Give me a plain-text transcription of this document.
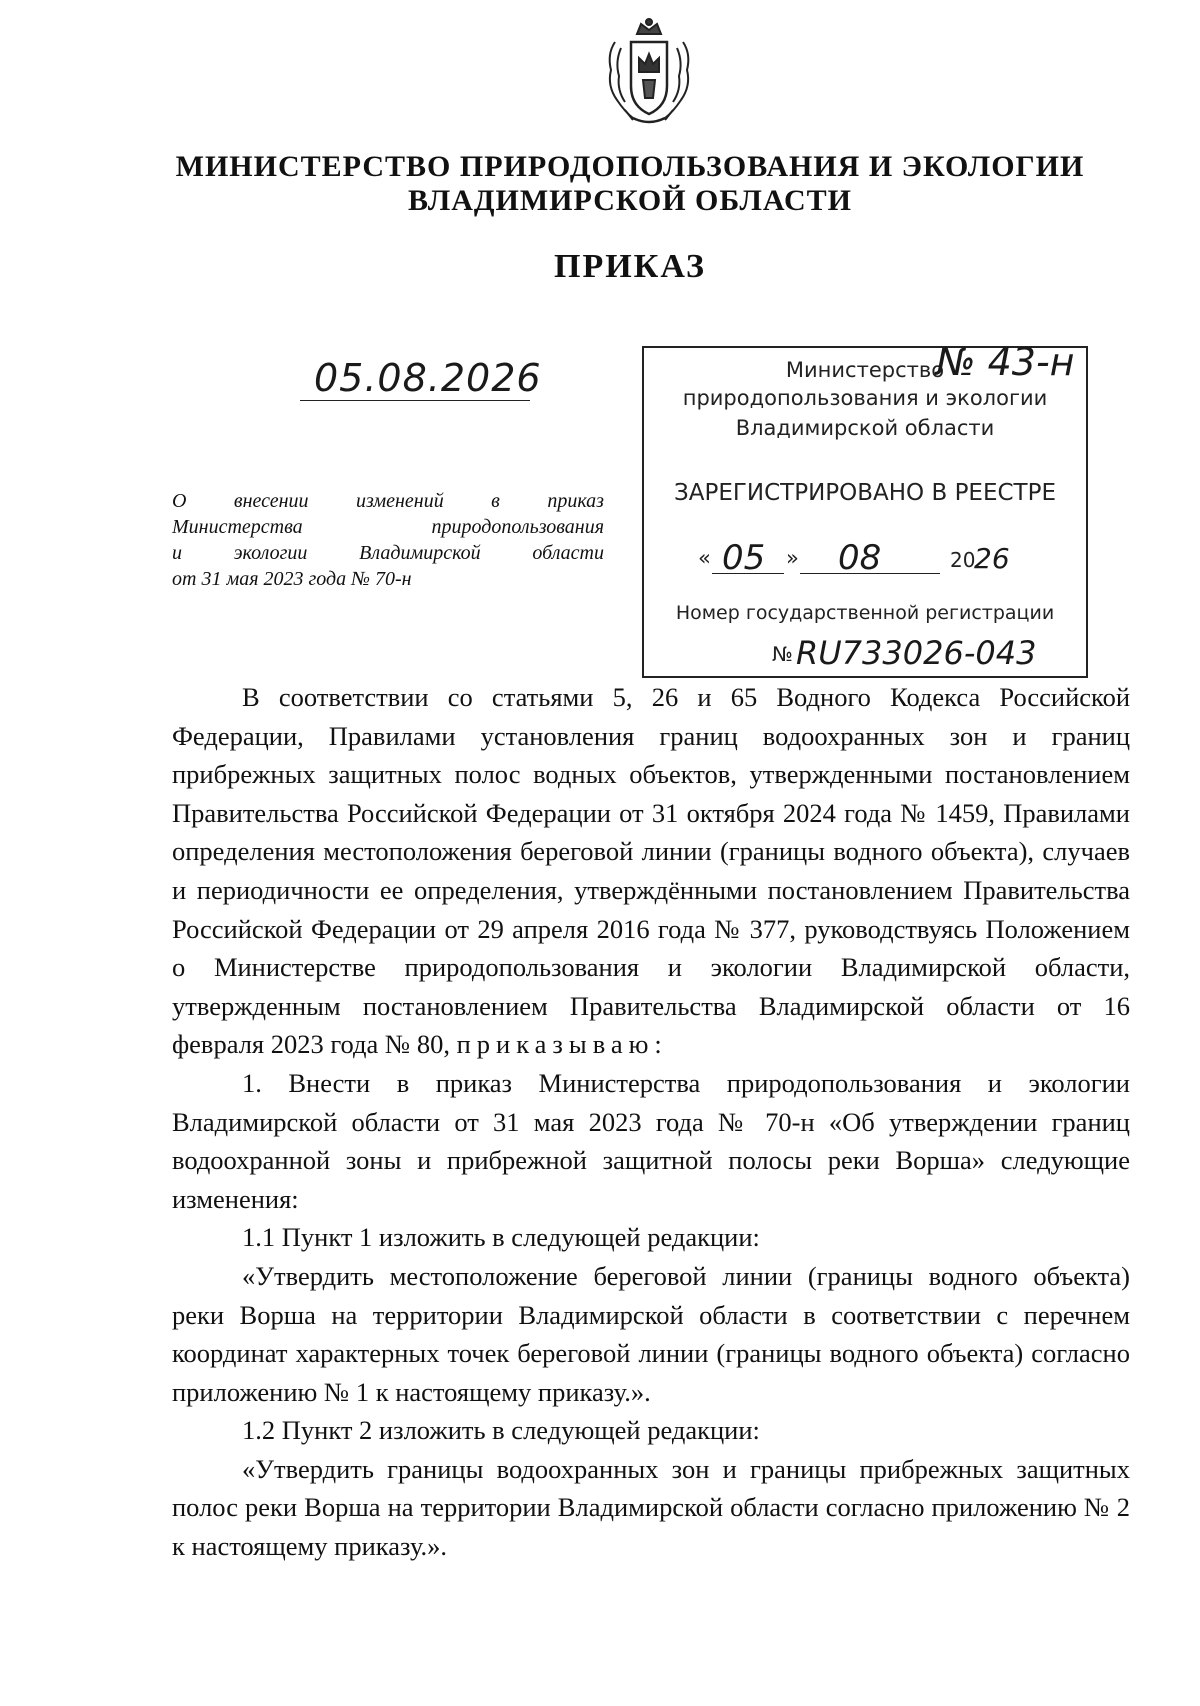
МИНИСТЕРСТВО ПРИРОДОПОЛЬЗОВАНИЯ И ЭКОЛОГИИ
ВЛАДИМИРСКОЙ ОБЛАСТИ
ПРИКАЗ
05.08.2026
О внесении изменений в приказ
Министерства природопользования
и экологии Владимирской области
от 31 мая 2023 года № 70-н
Министерство
№ 43-н
природопользования и экологии
Владимирской области
ЗАРЕГИСТРИРОВАНО В РЕЕСТРЕ
« 05 » 08	20
26
Номер государственной регистрации
№ RU733026-043

В соответствии со статьями 5, 26 и 65 Водного Кодекса Российской Федерации, Правилами установления границ водоохранных зон и границ прибрежных защитных полос водных объектов, утвержденными постановлением Правительства Российской Федерации от 31 октября 2024 года № 1459, Правилами определения местоположения береговой линии (границы водного объекта), случаев и периодичности ее определения, утверждёнными постановлением Правительства Российской Федерации от 29 апреля 2016 года № 377, руководствуясь Положением о Министерстве природопользования и экологии Владимирской области, утвержденным постановлением Правительства Владимирской области от 16 февраля 2023 года № 80, приказываю:

1. Внести в приказ Министерства природопользования и экологии Владимирской области от 31 мая 2023 года № 70-н «Об утверждении границ водоохранной зоны и прибрежной защитной полосы реки Ворша» следующие изменения:

1.1 Пункт 1 изложить в следующей редакции:

«Утвердить местоположение береговой линии (границы водного объекта) реки Ворша на территории Владимирской области в соответствии с перечнем координат характерных точек береговой линии (границы водного объекта) согласно приложению № 1 к настоящему приказу.».

1.2 Пункт 2 изложить в следующей редакции:

«Утвердить границы водоохранных зон и границы прибрежных защитных полос реки Ворша на территории Владимирской области согласно приложению № 2 к настоящему приказу.».
